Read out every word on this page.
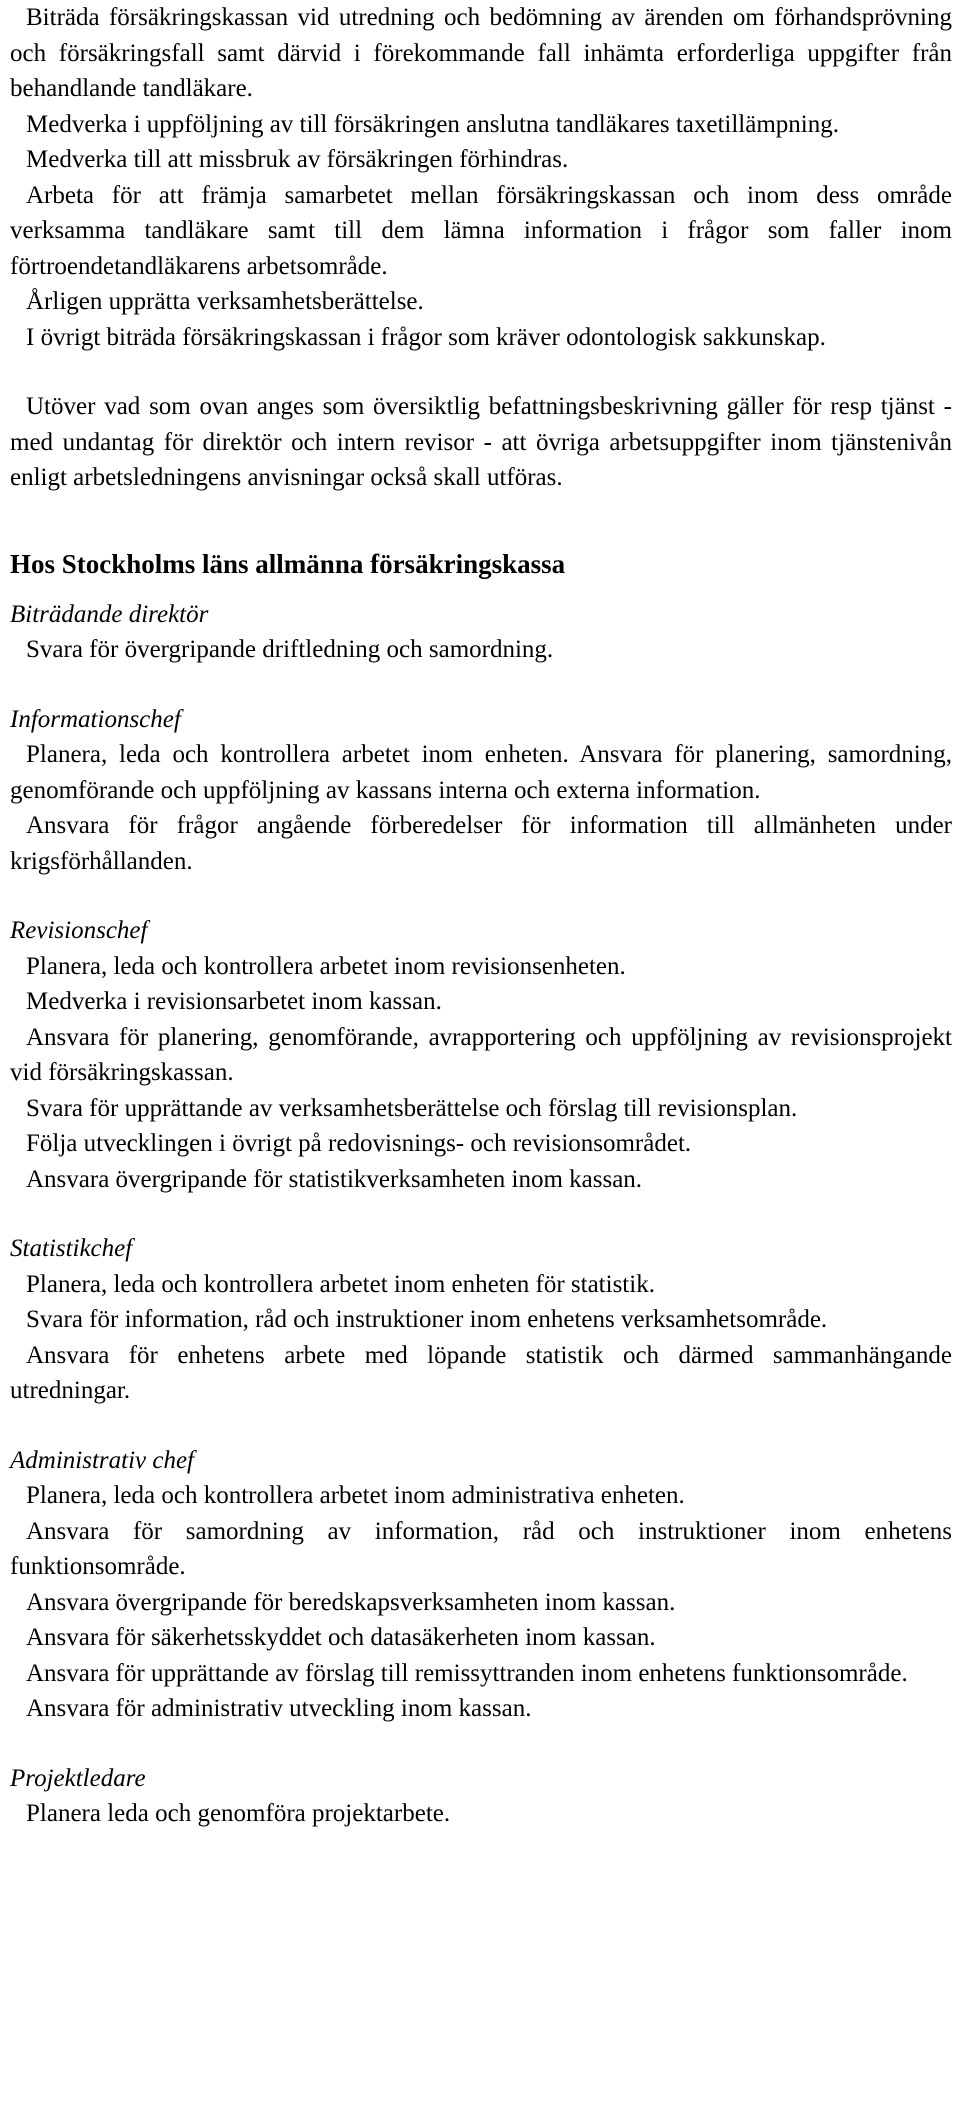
Biträda försäkringskassan vid utredning och bedömning av ärenden om förhandsprövning och försäkringsfall samt därvid i förekommande fall inhämta erforderliga uppgifter från behandlande tandläkare.

Medverka i uppföljning av till försäkringen anslutna tandläkares taxetillämpning.

Medverka till att missbruk av försäkringen förhindras.

Arbeta för att främja samarbetet mellan försäkringskassan och inom dess område verksamma tandläkare samt till dem lämna information i frågor som faller inom förtroendetandläkarens arbetsområde.

Årligen upprätta verksamhetsberättelse.

I övrigt biträda försäkringskassan i frågor som kräver odontologisk sakkunskap.

Utöver vad som ovan anges som översiktlig befattningsbeskrivning gäller för resp tjänst - med undantag för direktör och intern revisor - att övriga arbetsuppgifter inom tjänstenivån enligt arbetsledningens anvisningar också skall utföras.

Hos Stockholms läns allmänna försäkringskassa
Biträdande direktör

Svara för övergripande driftledning och samordning.

Informationschef

Planera, leda och kontrollera arbetet inom enheten. Ansvara för planering, samordning, genomförande och uppföljning av kassans interna och externa information.

Ansvara för frågor angående förberedelser för information till allmänheten under krigsförhållanden.

Revisionschef

Planera, leda och kontrollera arbetet inom revisionsenheten.

Medverka i revisionsarbetet inom kassan.

Ansvara för planering, genomförande, avrapportering och uppföljning av revisionsprojekt vid försäkringskassan.

Svara för upprättande av verksamhetsberättelse och förslag till revisionsplan.

Följa utvecklingen i övrigt på redovisnings- och revisionsområdet.

Ansvara övergripande för statistikverksamheten inom kassan.

Statistikchef

Planera, leda och kontrollera arbetet inom enheten för statistik.

Svara för information, råd och instruktioner inom enhetens verksamhetsområde.

Ansvara för enhetens arbete med löpande statistik och därmed sammanhängande utredningar.

Administrativ chef

Planera, leda och kontrollera arbetet inom administrativa enheten.

Ansvara för samordning av information, råd och instruktioner inom enhetens funktionsområde.

Ansvara övergripande för beredskapsverksamheten inom kassan.

Ansvara för säkerhetsskyddet och datasäkerheten inom kassan.

Ansvara för upprättande av förslag till remissyttranden inom enhetens funktionsområde.

Ansvara för administrativ utveckling inom kassan.

Projektledare

Planera leda och genomföra projektarbete.
